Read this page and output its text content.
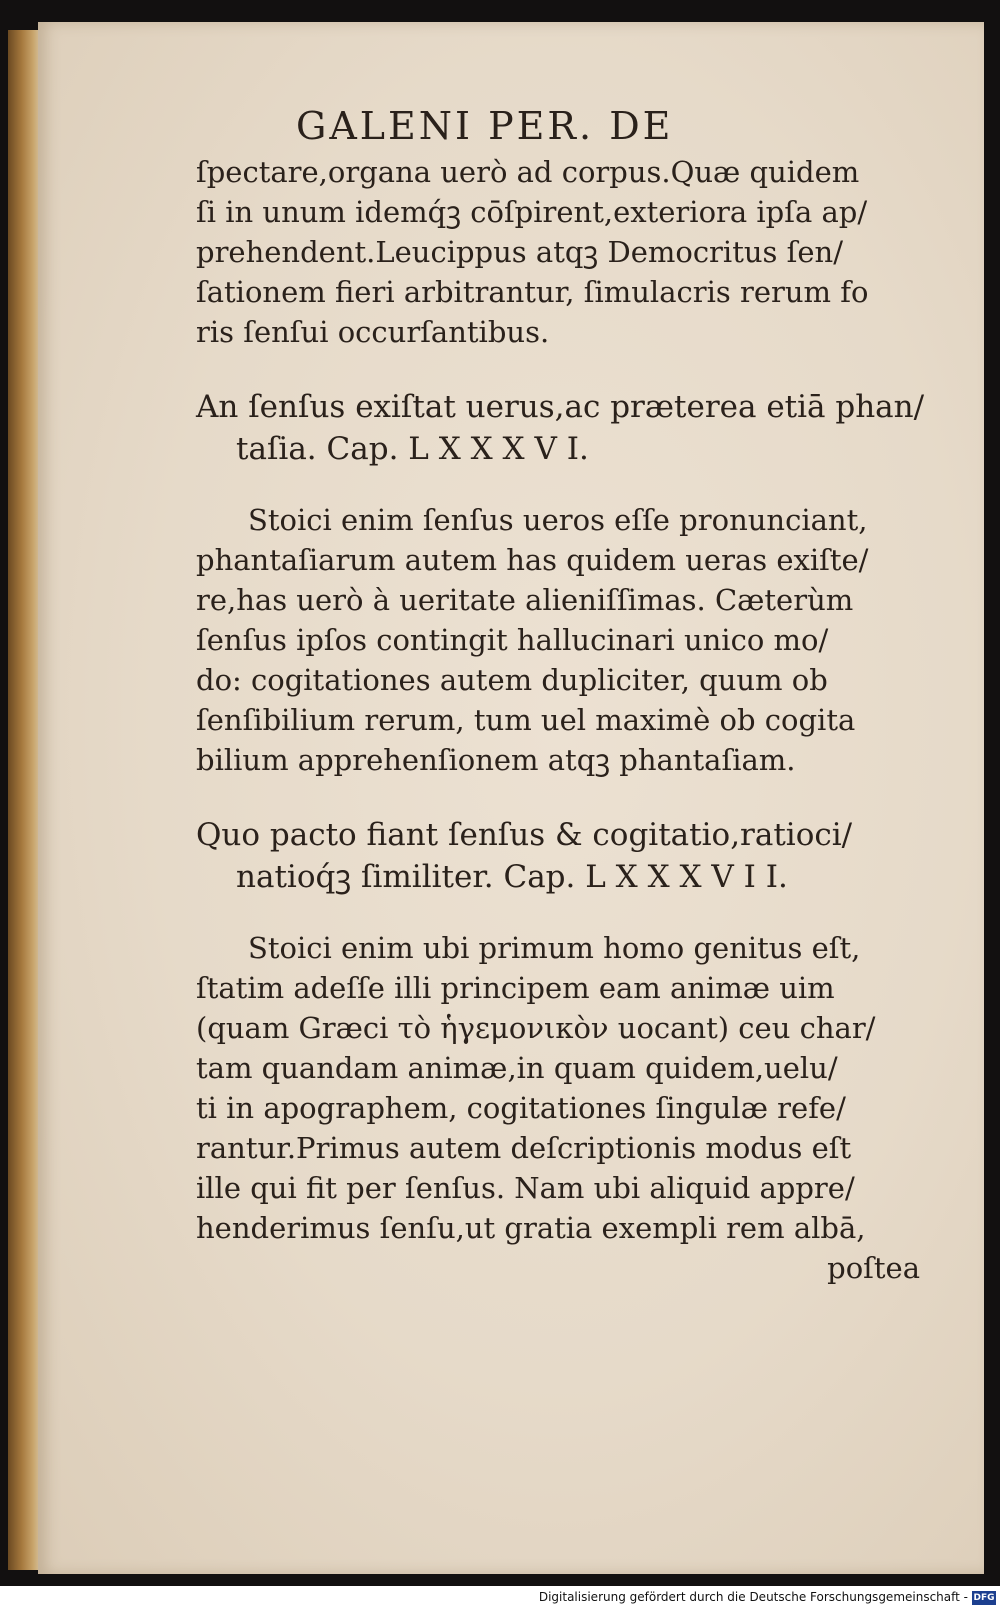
GALENI PER. DE
ſpectare,organa uerò ad corpus.Quæ quidem
ſi in unum idemq́ꝫ cōſpirent,exteriora ipſa ap/
prehendent.Leucippus atqꝫ Democritus ſen/
ſationem fieri arbitrantur, ſimulacris rerum fo
ris ſenſui occurſantibus.
An ſenſus exiſtat uerus,ac præterea etiā phan/
taſia. Cap. L X X X V I.
Stoici enim ſenſus ueros eſſe pronunciant,
phantaſiarum autem has quidem ueras exiſte/
re,has uerò à ueritate alieniſſimas. Cæterùm
ſenſus ipſos contingit hallucinari unico mo/
do: cogitationes autem dupliciter, quum ob
ſenſibilium rerum, tum uel maximè ob cogita
bilium apprehenſionem atqꝫ phantaſiam.
Quo pacto fiant ſenſus & cogitatio,ratioci/
natioq́ꝫ ſimiliter. Cap. L X X X V I I.
Stoici enim ubi primum homo genitus eſt,
ſtatim adeſſe illi principem eam animæ uim
(quam Græci τὸ ἡγεμονικὸν uocant) ceu char/
tam quandam animæ,in quam quidem,uelu/
ti in apographem, cogitationes ſingulæ refe/
rantur.Primus autem deſcriptionis modus eſt
ille qui fit per ſenſus. Nam ubi aliquid appre/
henderimus ſenſu,ut gratia exempli rem albā,
poſtea
Digitalisierung gefördert durch die Deutsche Forschungsgemeinschaft - DFG
